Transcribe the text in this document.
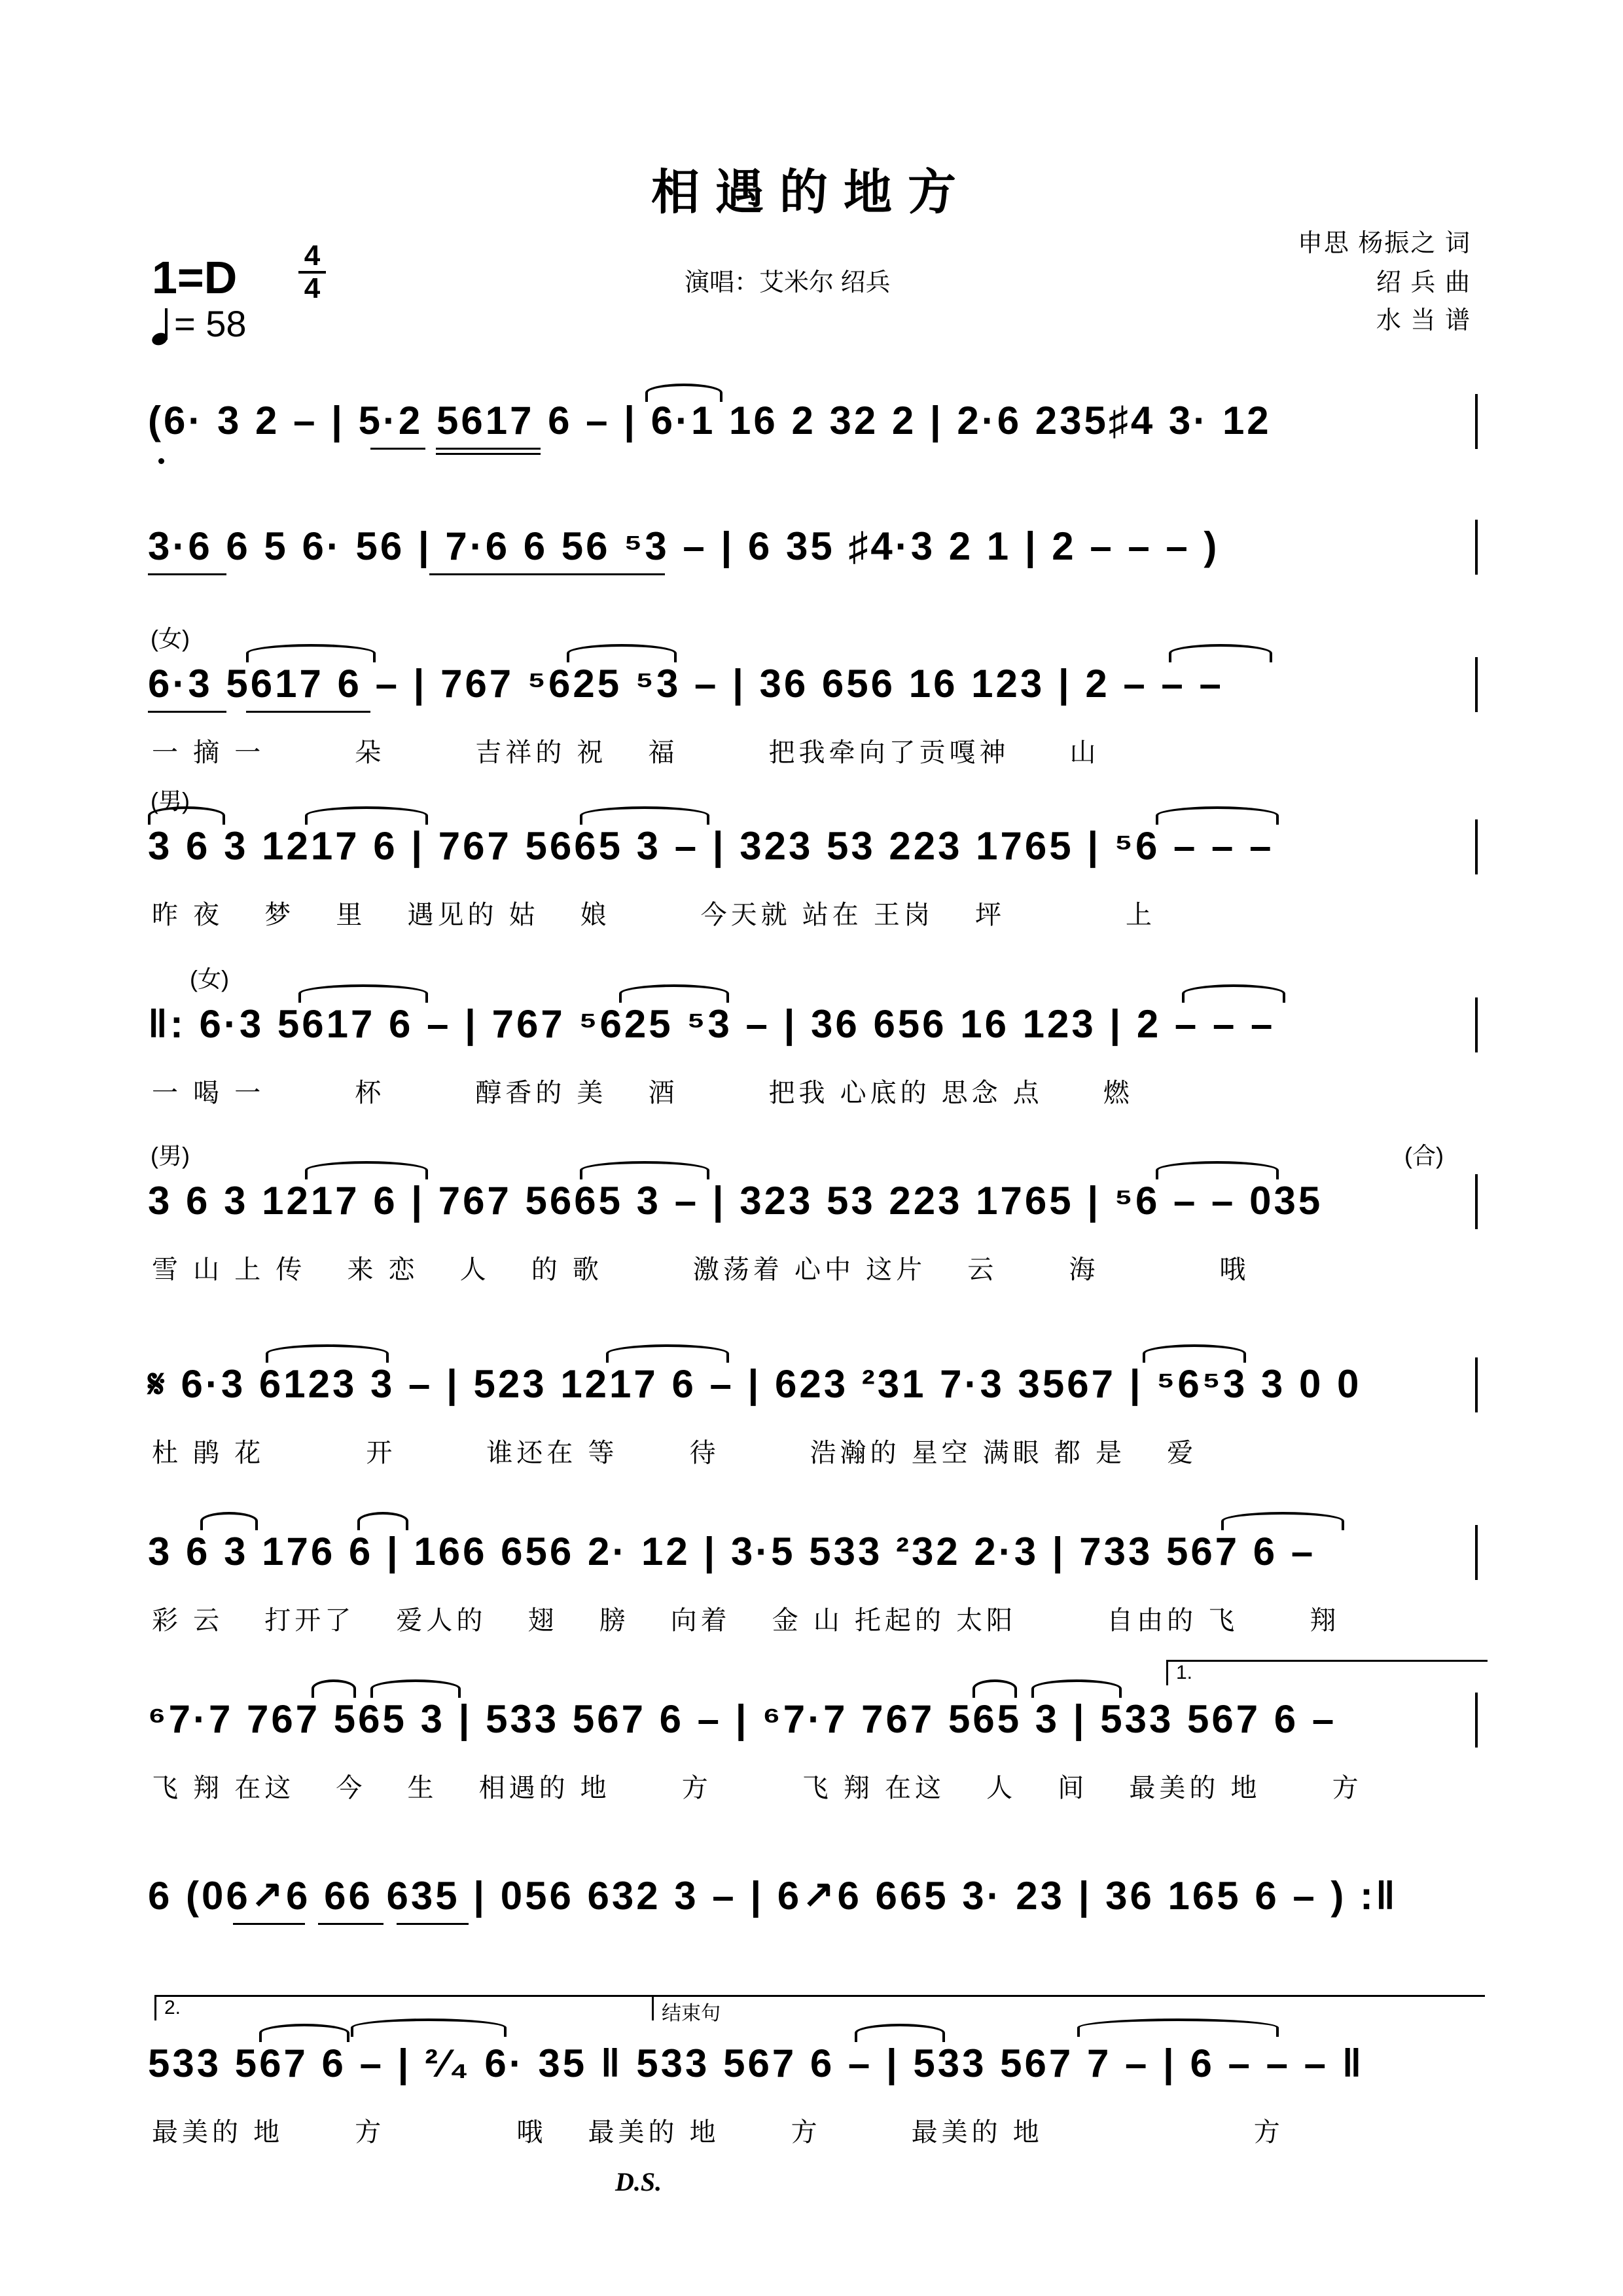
相遇的地方
1=D 4
4
= 58
演唱：艾米尔 绍兵
申思 杨振之 词
绍 兵 曲
水 当 谱
(6· 3 2 – | 5·2 5617 6 – | 6·1 16 2 32 2 | 2·6 235♯4 3· 12
3·6 6 5 6· 56 | 7·6 6 56 ⁵3 – | 6 35 ♯4·3 2 1 | 2 – – – )
(女)
6·3 5617 6 – | 767 ⁵625 ⁵3 – | 36 656 16 123 | 2 – – –
一 摘 一　　　朵　　　吉祥的 祝　 福　　　把我牵向了贡嘎神　　山
(男)
3 6 3 1217 6 | 767 5665 3 – | 323 53 223 1765 | ⁵6 – – –
昨 夜　 梦　 里　 遇见的 姑　 娘　　　今天就 站在 王岗　 坪　　　　上
(女)
‖: 6·3 5617 6 – | 767 ⁵625 ⁵3 – | 36 656 16 123 | 2 – – –
一 喝 一　　　杯　　　醇香的 美　 酒　　　把我 心底的 思念 点　　燃
(男)	(合)
3 6 3 1217 6 | 767 5665 3 – | 323 53 223 1765 | ⁵6 – – 035
雪 山 上 传　 来 恋　 人　 的 歌　　　激荡着 心中 这片　 云　　 海　　　　哦
𝄋 6·3 6123 3 – | 523 1217 6 – | 623 ²31 7·3 3567 | ⁵6⁵3 3 0 0
杜 鹃 花　　　 开　　　谁还在 等　　 待　　　浩瀚的 星空 满眼 都 是　 爱
3 6 3 176 6 | 166 656 2· 12 | 3·5 533 ²32 2·3 | 733 567 6 –
彩 云　 打开了　 爱人的　 翅　 膀　 向着　 金 山 托起的 太阳　　　自由的 飞　　 翔
1.
⁶7·7 767 565 3 | 533 567 6 – | ⁶7·7 767 565 3 | 533 567 6 –
飞 翔 在这　 今　 生　 相遇的 地　　 方　　　飞 翔 在这　 人　 间　 最美的 地　　 方
6 (06↗6 66 635 | 056 632 3 – | 6↗6 665 3· 23 | 36 165 6 – ) :‖
2.	结束句
533 567 6 – | ²⁄₄ 6· 35 ‖ 533 567 6 – | 533 567 7 – | 6 – – – ‖
最美的 地　　 方　　　　 哦　 最美的 地　　 方　　　最美的 地　　　　　　　方
D.S.
